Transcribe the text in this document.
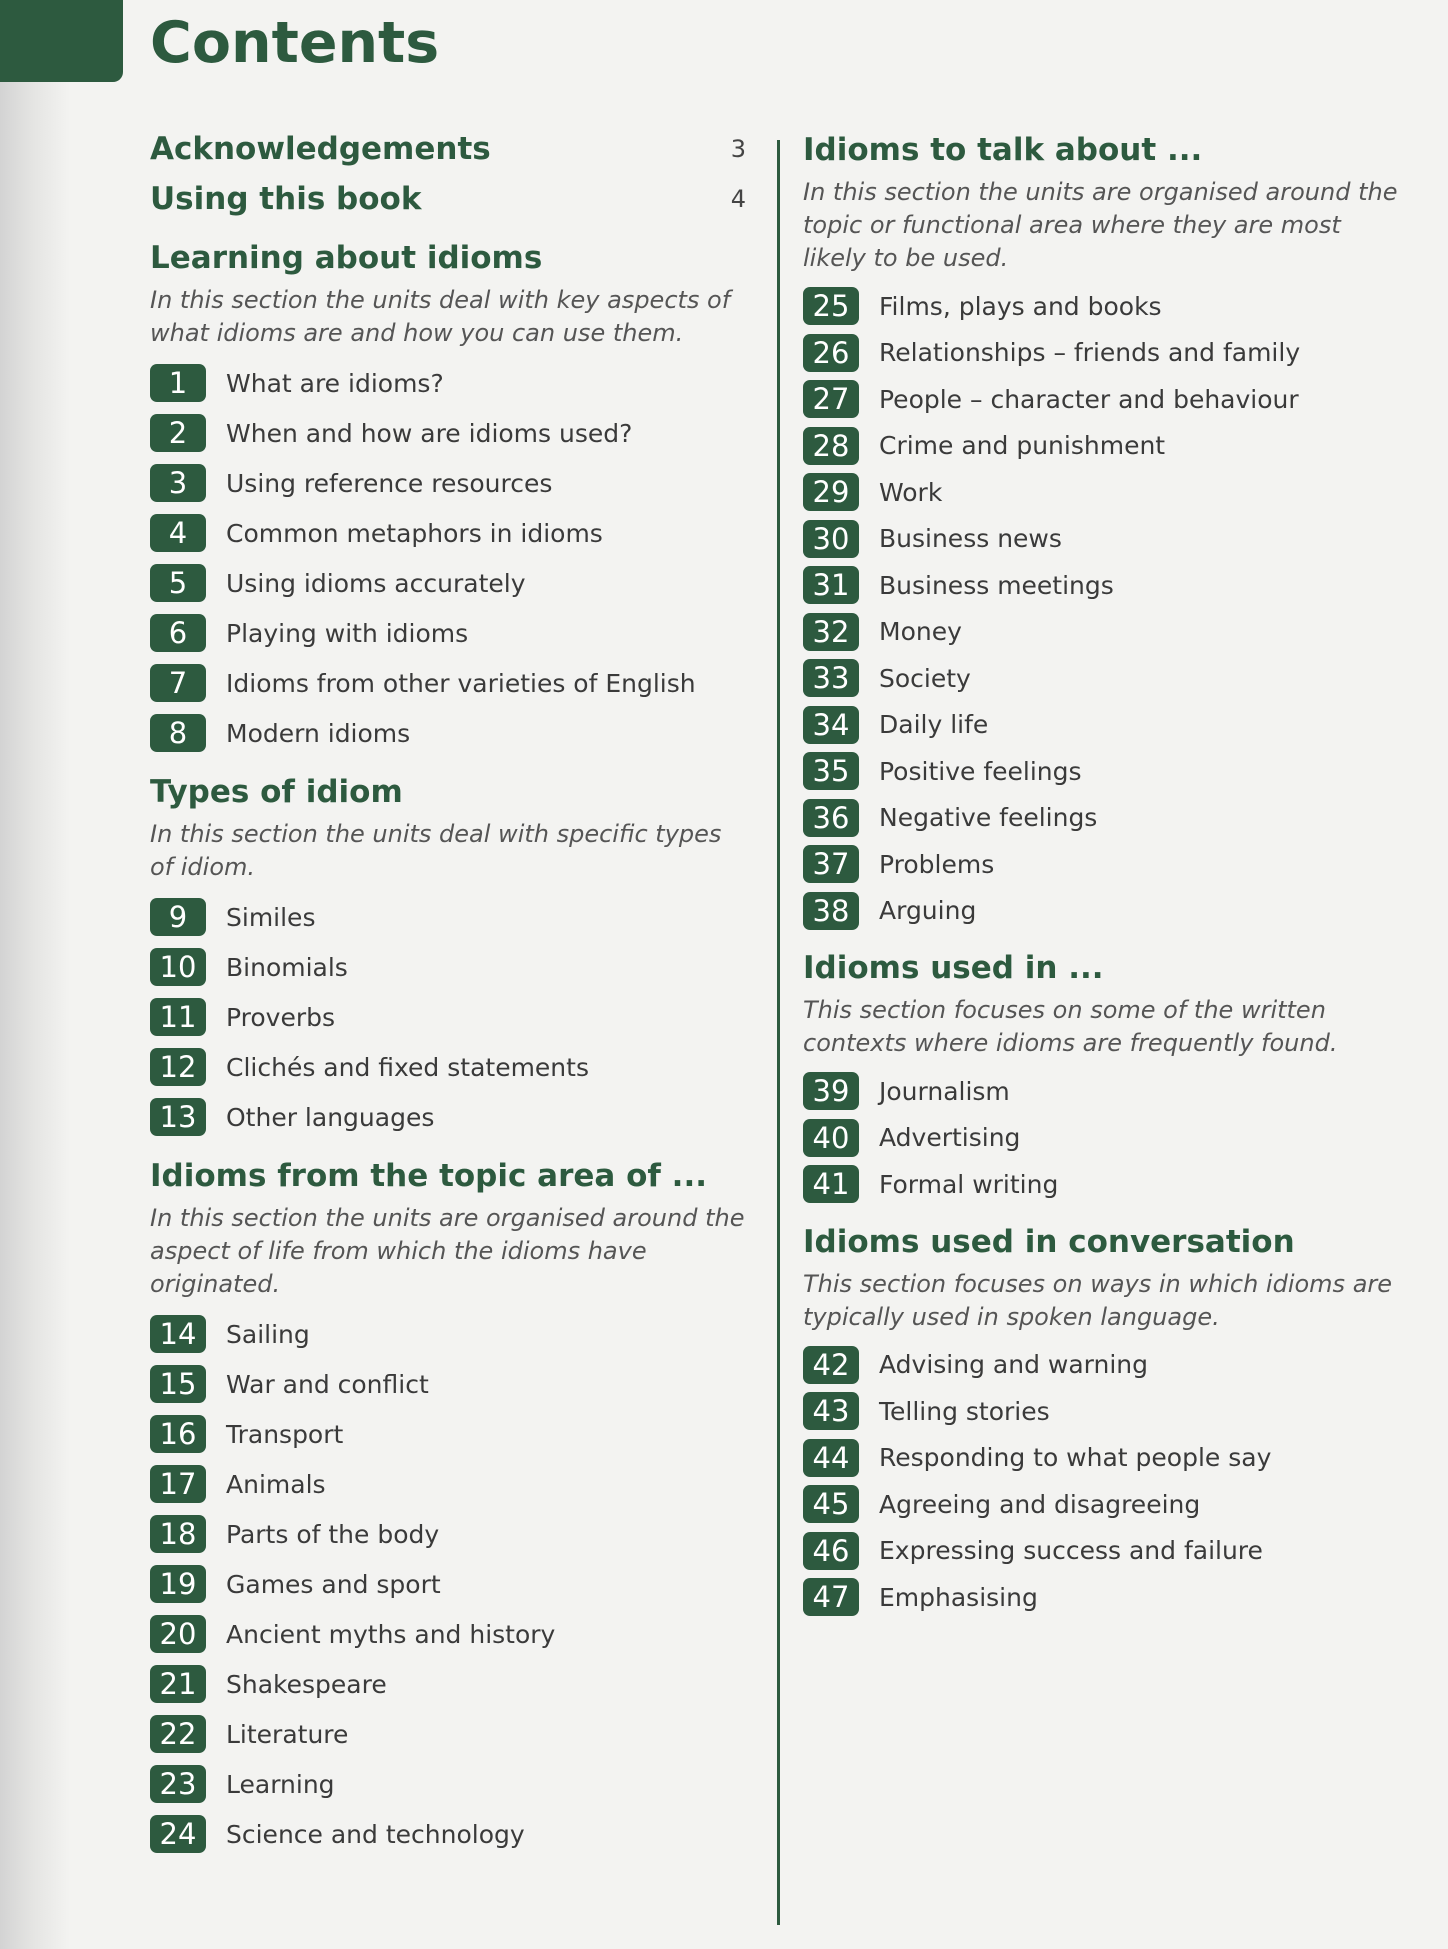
Contents
Acknowledgements	3
Using this book	4
Learning about idioms
In this section the units deal with key aspects of what idioms are and how you can use them.
1	What are idioms?
2	When and how are idioms used?
3	Using reference resources
4	Common metaphors in idioms
5	Using idioms accurately
6	Playing with idioms
7	Idioms from other varieties of English
8	Modern idioms
Types of idiom
In this section the units deal with specific types of idiom.
9	Similes
10	Binomials
11	Proverbs
12	Clichés and fixed statements
13	Other languages
Idioms from the topic area of ...
In this section the units are organised around the aspect of life from which the idioms have originated.
14	Sailing
15	War and conflict
16	Transport
17	Animals
18	Parts of the body
19	Games and sport
20	Ancient myths and history
21	Shakespeare
22	Literature
23	Learning
24	Science and technology
Idioms to talk about ...
In this section the units are organised around the topic or functional area where they are most likely to be used.
25	Films, plays and books
26	Relationships – friends and family
27	People – character and behaviour
28	Crime and punishment
29	Work
30	Business news
31	Business meetings
32	Money
33	Society
34	Daily life
35	Positive feelings
36	Negative feelings
37	Problems
38	Arguing
Idioms used in ...
This section focuses on some of the written contexts where idioms are frequently found.
39	Journalism
40	Advertising
41	Formal writing
Idioms used in conversation
This section focuses on ways in which idioms are typically used in spoken language.
42	Advising and warning
43	Telling stories
44	Responding to what people say
45	Agreeing and disagreeing
46	Expressing success and failure
47	Emphasising
